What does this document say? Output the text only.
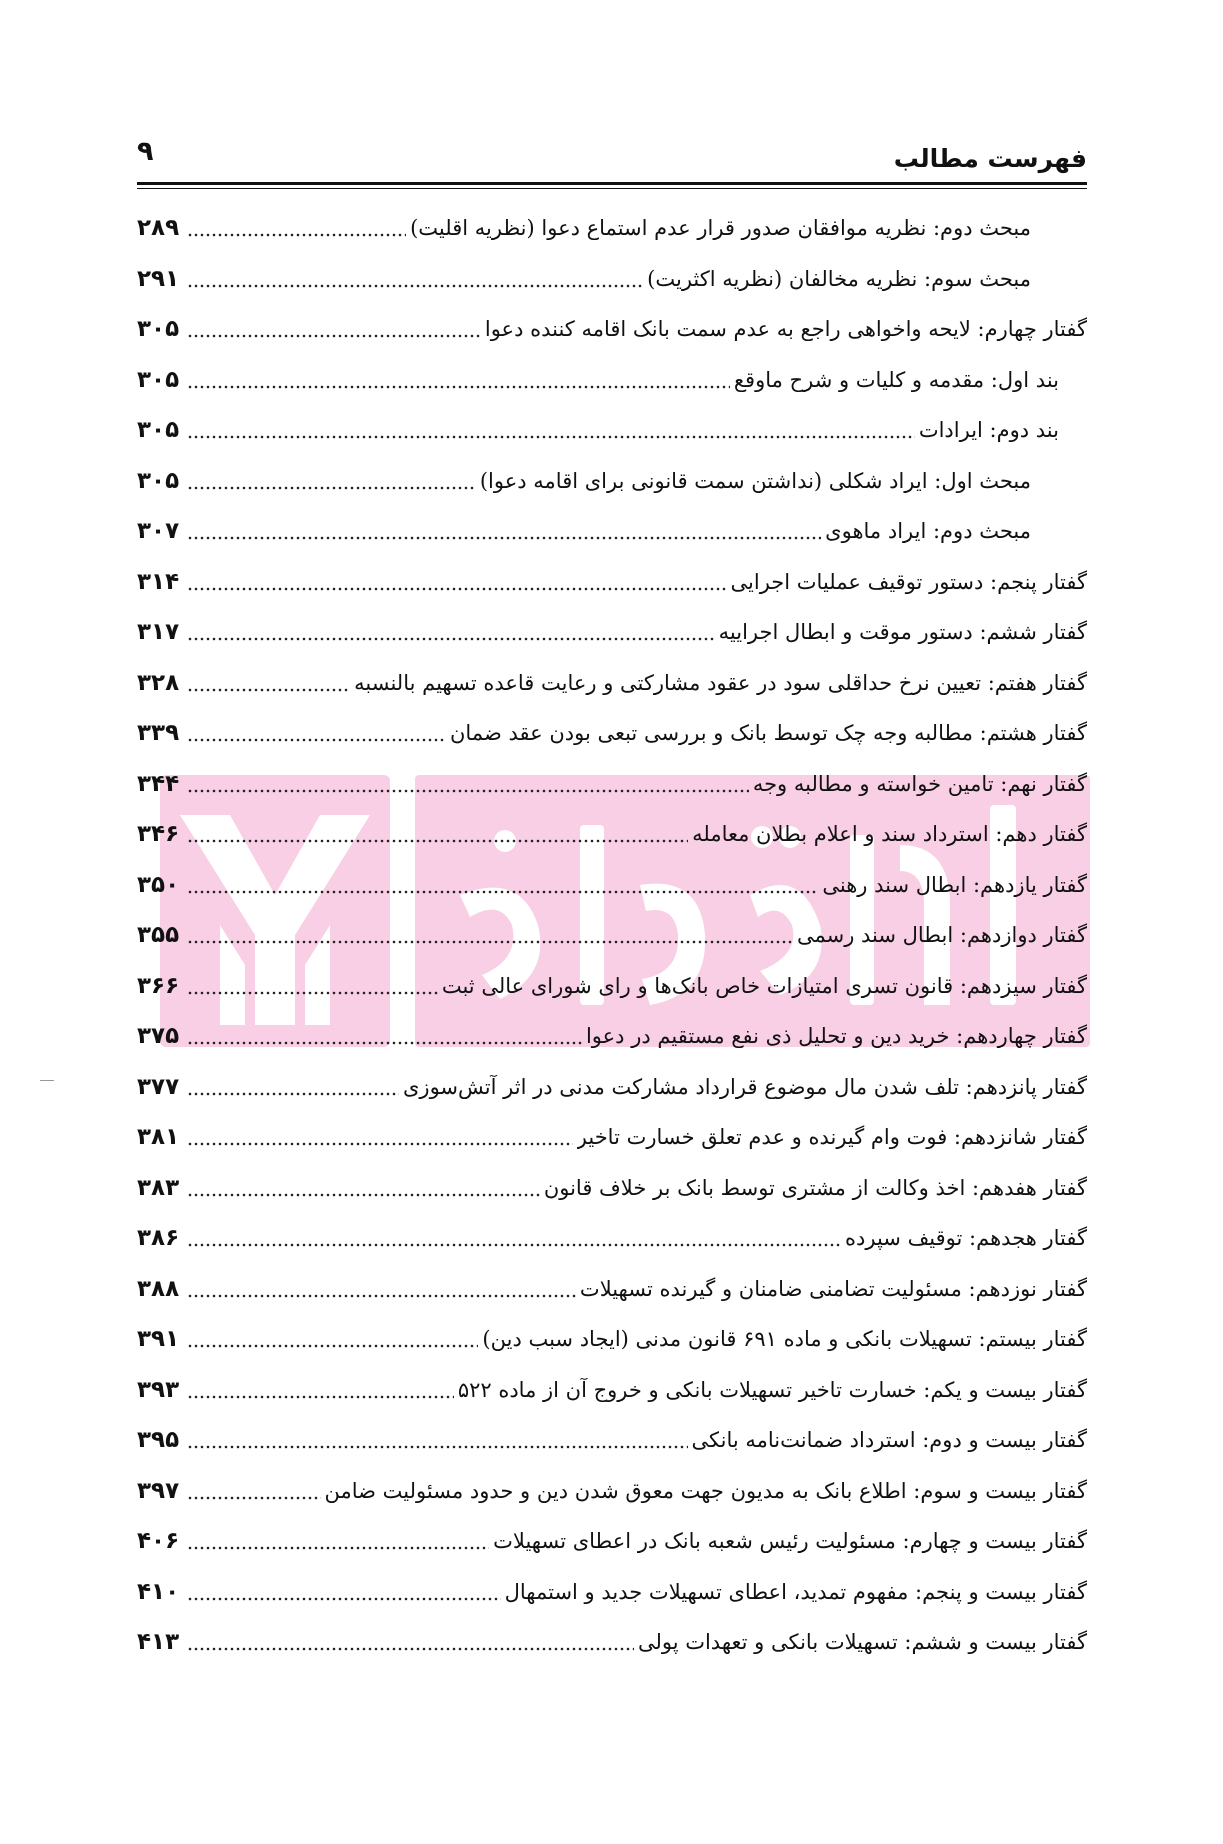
فهرست مطالب
۹
مبحث دوم: نظریه موافقان صدور قرار عدم استماع دعوا (نظریه اقلیت)
۲۸۹
مبحث سوم: نظریه مخالفان (نظریه اکثریت)
۲۹۱
گفتار چهارم: لایحه واخواهی راجع به عدم سمت بانک اقامه کننده دعوا
۳۰۵
بند اول: مقدمه و کلیات و شرح ماوقع
۳۰۵
بند دوم: ایرادات
۳۰۵
مبحث اول: ایراد شکلی (نداشتن سمت قانونی برای اقامه دعوا)
۳۰۵
مبحث دوم: ایراد ماهوی
۳۰۷
گفتار پنجم: دستور توقیف عملیات اجرایی
۳۱۴
گفتار ششم: دستور موقت و ابطال اجراییه
۳۱۷
گفتار هفتم: تعیین نرخ حداقلی سود در عقود مشارکتی و رعایت قاعده تسهیم بالنسبه
۳۲۸
گفتار هشتم: مطالبه وجه چک توسط بانک و بررسی تبعی بودن عقد ضمان
۳۳۹
گفتار نهم: تامین خواسته و مطالبه وجه
۳۴۴
گفتار دهم: استرداد سند و اعلام بطلان معامله
۳۴۶
گفتار یازدهم: ابطال سند رهنی
۳۵۰
گفتار دوازدهم: ابطال سند رسمی
۳۵۵
گفتار سیزدهم: قانون تسری امتیازات خاص بانک‌ها و رای شورای عالی ثبت
۳۶۶
گفتار چهاردهم: خرید دین و تحلیل ذی نفع مستقیم در دعوا
۳۷۵
گفتار پانزدهم: تلف شدن مال موضوع قرارداد مشارکت مدنی در اثر آتش‌سوزی
۳۷۷
گفتار شانزدهم: فوت وام گیرنده و عدم تعلق خسارت تاخیر
۳۸۱
گفتار هفدهم: اخذ وکالت از مشتری توسط بانک بر خلاف قانون
۳۸۳
گفتار هجدهم: توقیف سپرده
۳۸۶
گفتار نوزدهم: مسئولیت تضامنی ضامنان و گیرنده تسهیلات
۳۸۸
گفتار بیستم: تسهیلات بانکی و ماده ۶۹۱ قانون مدنی (ایجاد سبب دین)
۳۹۱
گفتار بیست و یکم: خسارت تاخیر تسهیلات بانکی و خروج آن از ماده ۵۲۲
۳۹۳
گفتار بیست و دوم: استرداد ضمانت‌نامه بانکی
۳۹۵
گفتار بیست و سوم: اطلاع بانک به مدیون جهت معوق شدن دین و حدود مسئولیت ضامن
۳۹۷
گفتار بیست و چهارم: مسئولیت رئیس شعبه بانک در اعطای تسهیلات
۴۰۶
گفتار بیست و پنجم: مفهوم تمدید، اعطای تسهیلات جدید و استمهال
۴۱۰
گفتار بیست و ششم: تسهیلات بانکی و تعهدات پولی
۴۱۳
